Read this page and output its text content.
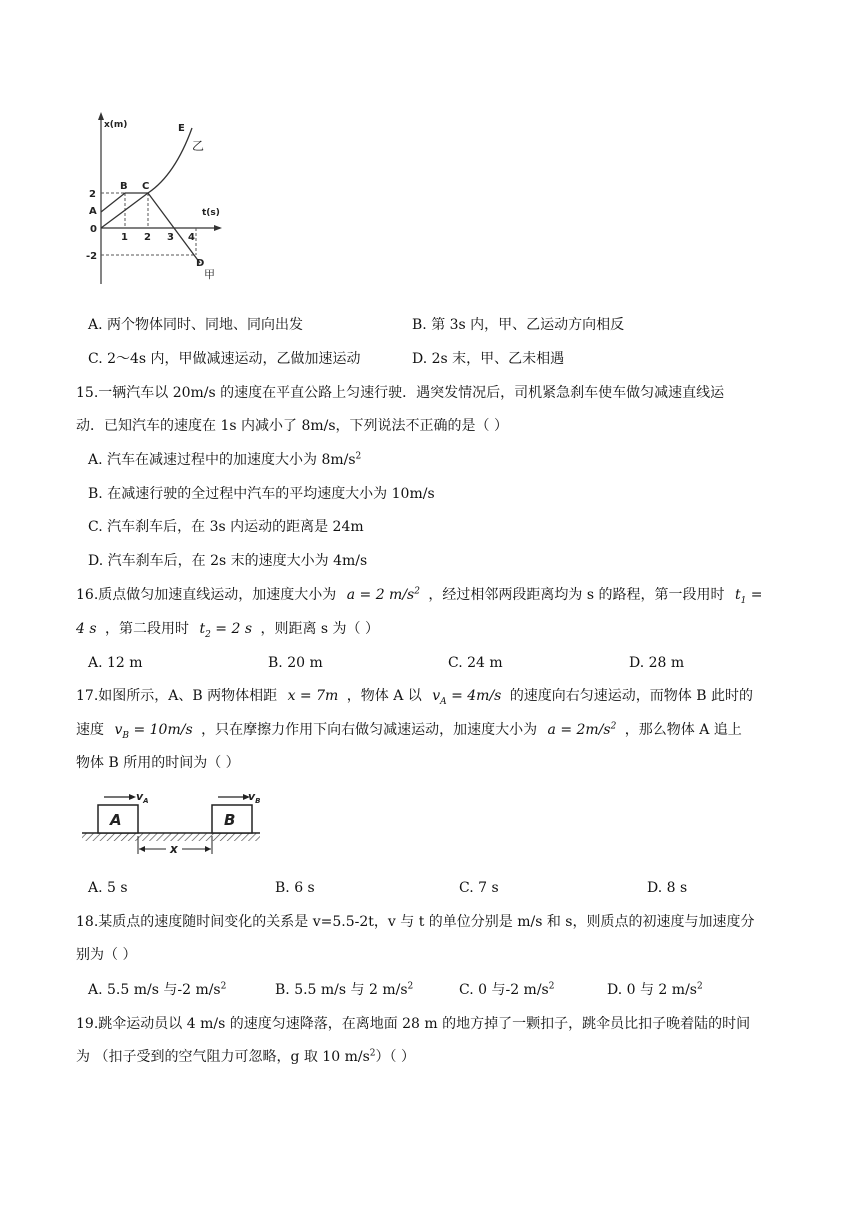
x(m)
t(s)
2
0
-2
1 2 3 4
A
B C
D
E
乙
甲
A. 两个物体同时、同地、同向出发	B. 第 3s 内，甲、乙运动方向相反
C. 2～4s 内，甲做减速运动，乙做加速运动	D. 2s 末，甲、乙未相遇
15.一辆汽车以 20m/s 的速度在平直公路上匀速行驶．遇突发情况后，司机紧急刹车使车做匀减速直线运
动．已知汽车的速度在 1s 内减小了 8m/s，下列说法不正确的是（ ）
A. 汽车在减速过程中的加速度大小为 $8m/s^2$
B. 在减速行驶的全过程中汽车的平均速度大小为 10m/s
C. 汽车刹车后，在 3s 内运动的距离是 24m
D. 汽车刹车后，在 2s 末的速度大小为 4m/s
16.质点做匀加速直线运动，加速度大小为 a = 2 $m/s^2$ ，经过相邻两段距离均为 s 的路程，第一段用时 $t_1$ =
4 s ，第二段用时 $t_2 = 2$ s ，则距离 s 为（ ）
A. 12 m	B. 20 m	C. 24 m	D. 28 m
17.如图所示，A、B 两物体相距 x = 7m ，物体 A 以 $v_A = 4m/s$ 的速度向右匀速运动，而物体 B 此时的
速度 $v_B = 10m/s$ ，只在摩擦力作用下向右做匀减速运动，加速度大小为 $a = 2m/s^2$ ，那么物体 A 追上
物体 B 所用的时间为（ ）
A	B
$v_A$	$v_B$
x
A. 5 s	B. 6 s	C. 7 s	D. 8 s
18.某质点的速度随时间变化的关系是 v=5.5-2t，v 与 t 的单位分别是 m/s 和 s，则质点的初速度与加速度分
别为（ ）
A. 5.5 m/s 与-2 $m/s^2$	B. 5.5 m/s 与 2 $m/s^2$	C. 0 与-2 $m/s^2$	D. 0 与 2 $m/s^2$
19.跳伞运动员以 4 m/s 的速度匀速降落，在离地面 28 m 的地方掉了一颗扣子，跳伞员比扣子晚着陆的时间
为 （扣子受到的空气阻力可忽略，g 取 10 $m/s^2$）（ ）
